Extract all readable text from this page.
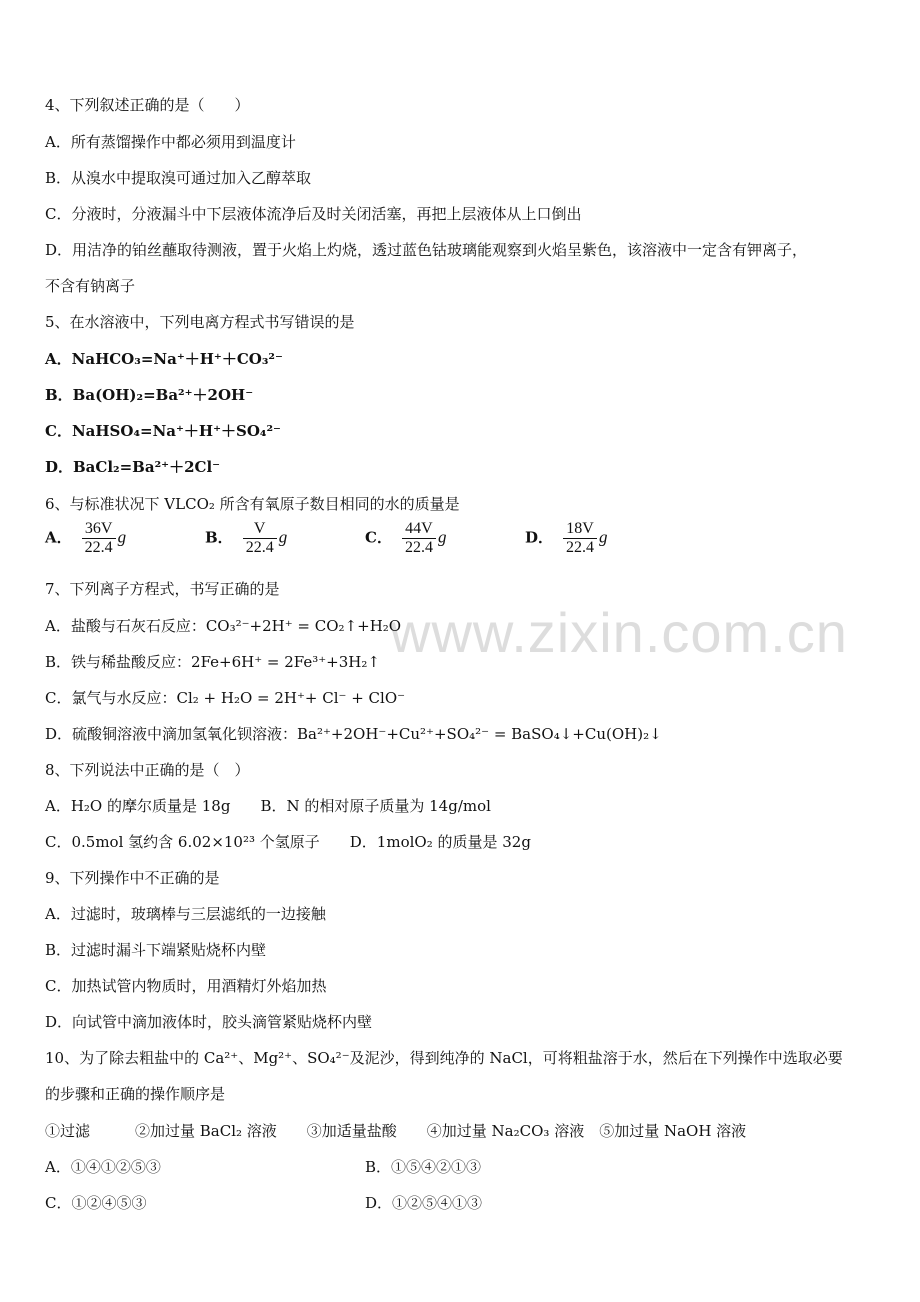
www.zixin.com.cn
4、下列叙述正确的是（　　）
A．所有蒸馏操作中都必须用到温度计
B．从溴水中提取溴可通过加入乙醇萃取
C．分液时，分液漏斗中下层液体流净后及时关闭活塞，再把上层液体从上口倒出
D．用洁净的铂丝蘸取待测液，置于火焰上灼烧，透过蓝色钴玻璃能观察到火焰呈紫色，该溶液中一定含有钾离子，
不含有钠离子
5、在水溶液中，下列电离方程式书写错误的是
A．NaHCO₃=Na⁺＋H⁺＋CO₃²⁻
B．Ba(OH)₂=Ba²⁺＋2OH⁻
C．NaHSO₄=Na⁺＋H⁺＋SO₄²⁻
D．BaCl₂=Ba²⁺＋2Cl⁻
6、与标准状况下 VLCO₂ 所含有氧原子数目相同的水的质量是
A． $\frac{36V}{22.4}$ g	B． $\frac{V}{22.4}$ g	C． $\frac{44V}{22.4}$ g	D． $\frac{18V}{22.4}$ g
7、下列离子方程式，书写正确的是
A．盐酸与石灰石反应：CO₃²⁻+2H⁺ = CO₂↑+H₂O
B．铁与稀盐酸反应：2Fe+6H⁺ = 2Fe³⁺+3H₂↑
C．氯气与水反应：Cl₂ + H₂O = 2H⁺+ Cl⁻ + ClO⁻
D．硫酸铜溶液中滴加氢氧化钡溶液：Ba²⁺+2OH⁻+Cu²⁺+SO₄²⁻ = BaSO₄↓+Cu(OH)₂↓
8、下列说法中正确的是（　）
A．H₂O 的摩尔质量是 18g　　B．N 的相对原子质量为 14g/mol
C．0.5mol 氢约含 6.02×10²³ 个氢原子　　D．1molO₂ 的质量是 32g
9、下列操作中不正确的是
A．过滤时，玻璃棒与三层滤纸的一边接触
B．过滤时漏斗下端紧贴烧杯内壁
C．加热试管内物质时，用酒精灯外焰加热
D．向试管中滴加液体时，胶头滴管紧贴烧杯内壁
10、为了除去粗盐中的 Ca²⁺、Mg²⁺、SO₄²⁻及泥沙，得到纯净的 NaCl，可将粗盐溶于水，然后在下列操作中选取必要
的步骤和正确的操作顺序是
①过滤　　　②加过量 BaCl₂ 溶液　　③加适量盐酸　　④加过量 Na₂CO₃ 溶液　⑤加过量 NaOH 溶液
A．①④①②⑤③	B．①⑤④②①③
C．①②④⑤③	D．①②⑤④①③
